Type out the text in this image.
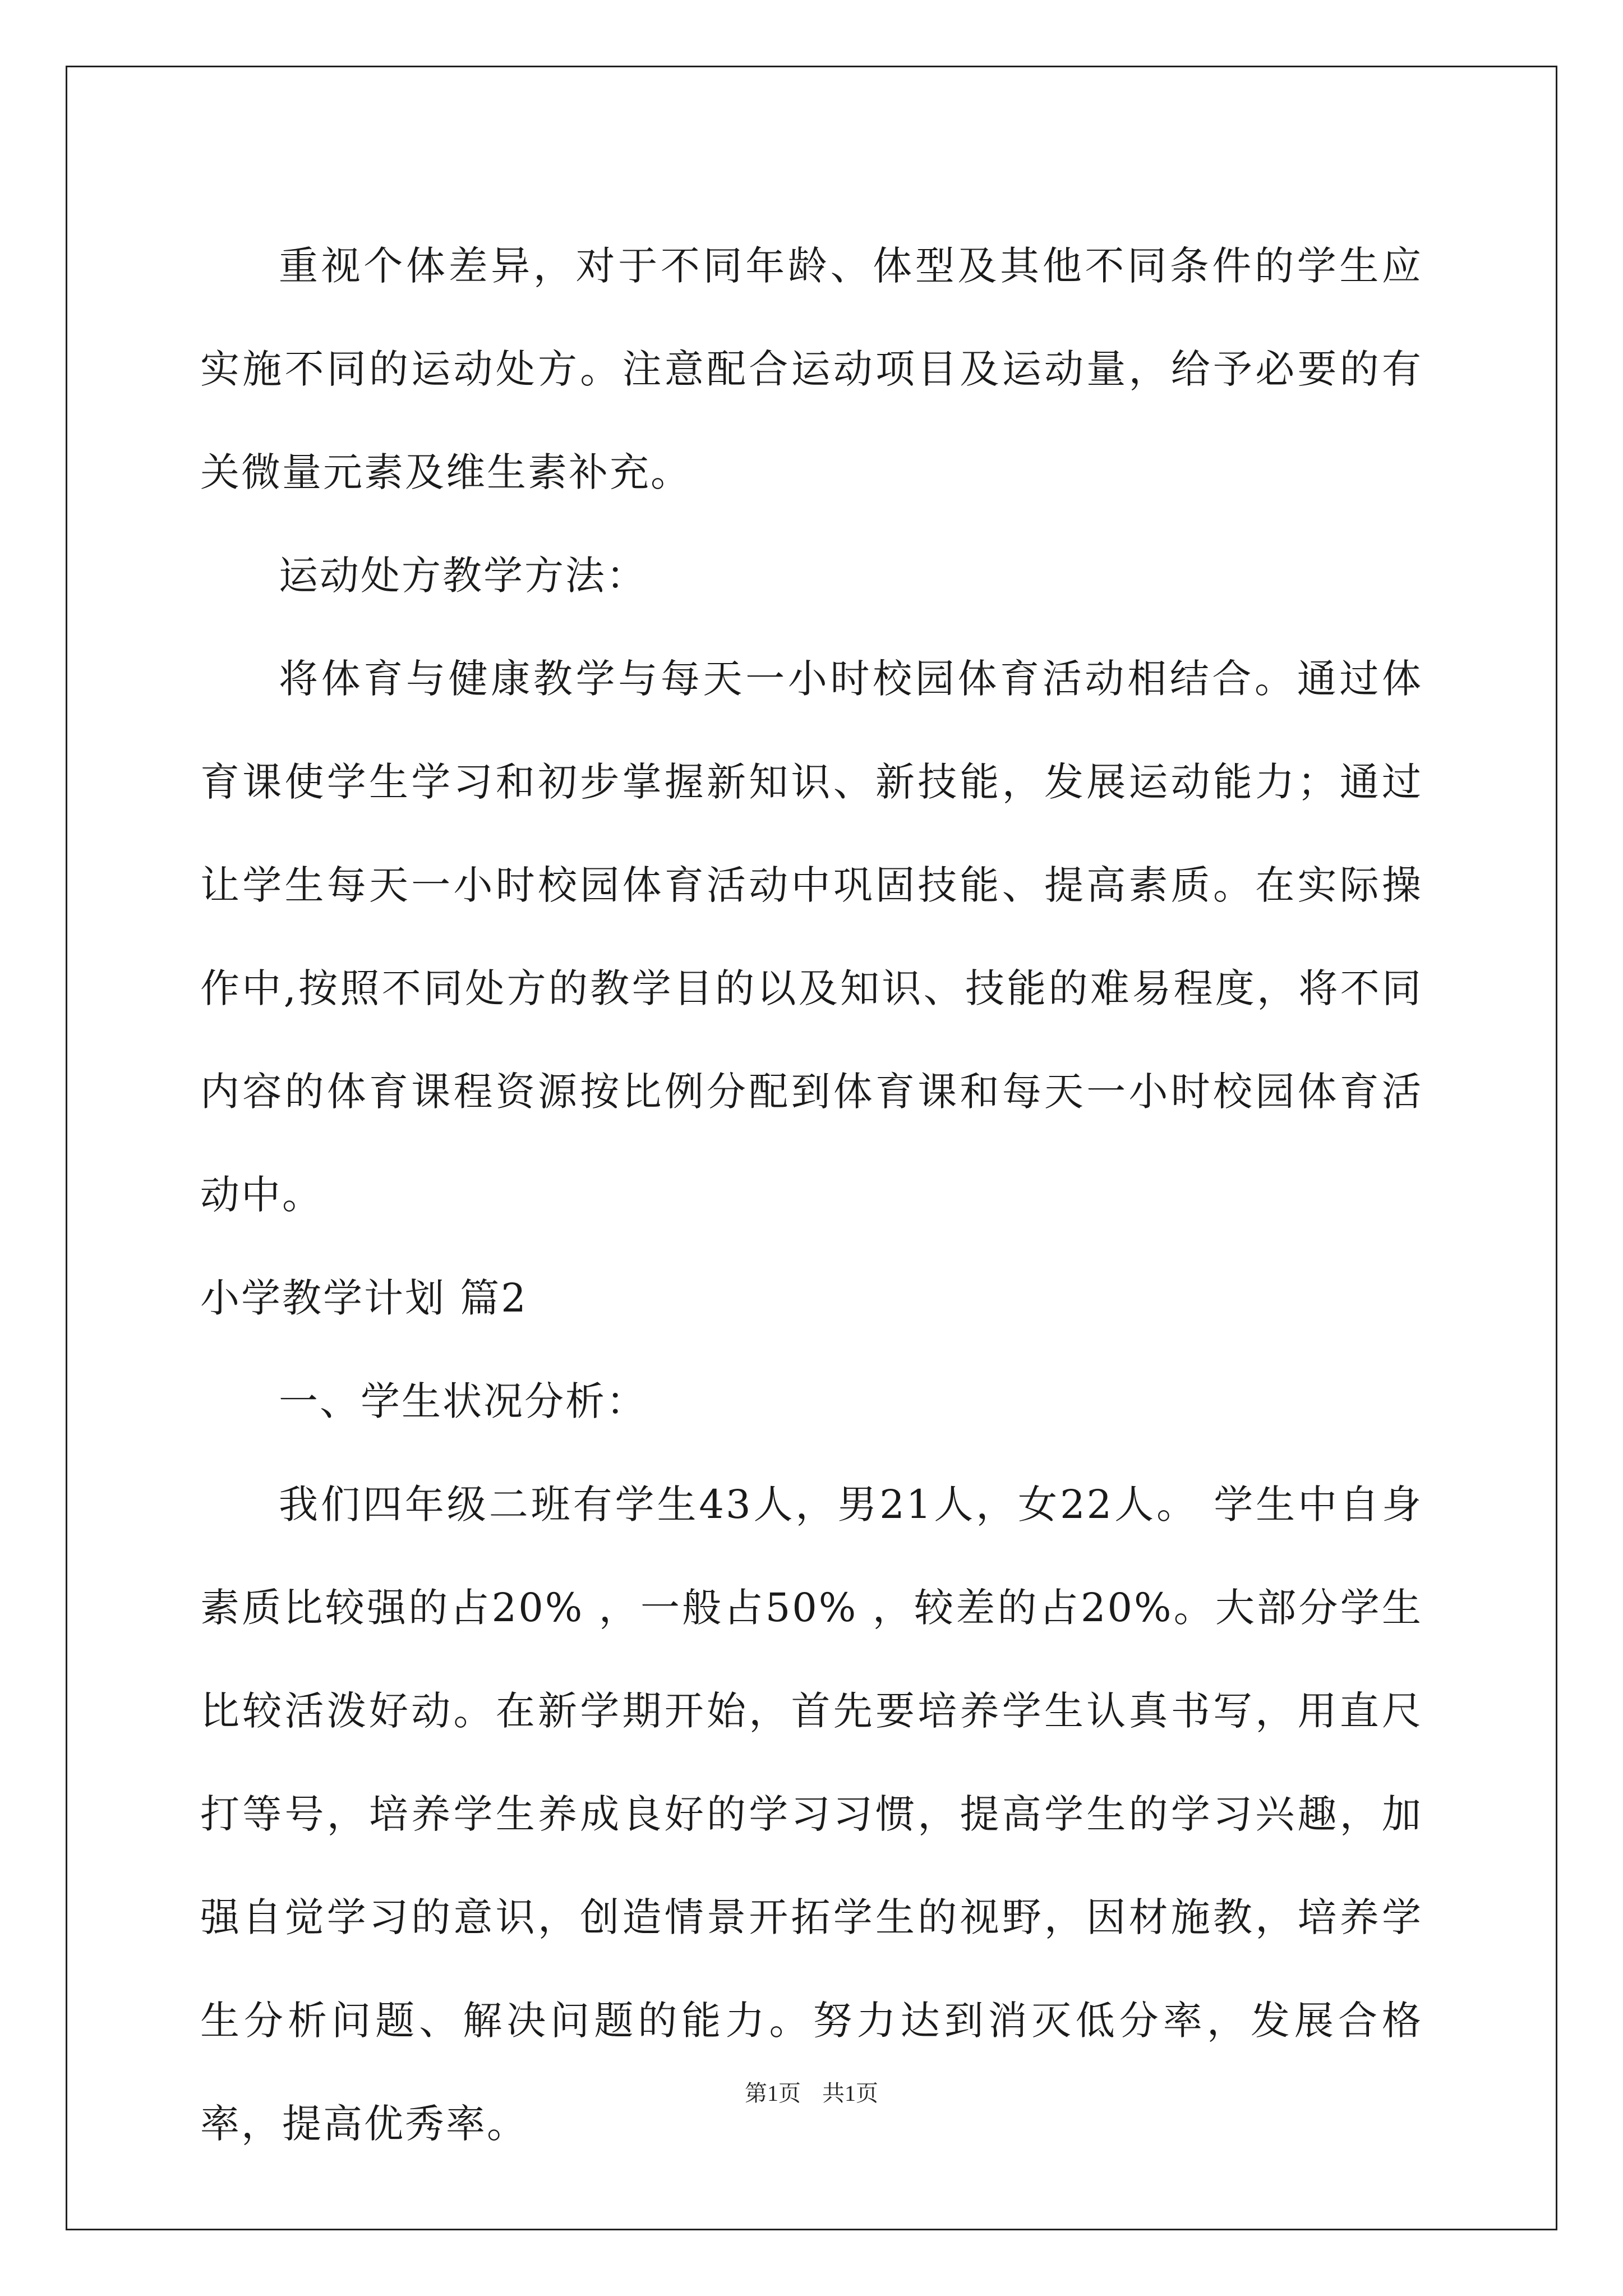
重视个体差异，对于不同年龄、体型及其他不同条件的学生应实施不同的运动处方。注意配合运动项目及运动量，给予必要的有关微量元素及维生素补充。

运动处方教学方法：

将体育与健康教学与每天一小时校园体育活动相结合。通过体育课使学生学习和初步掌握新知识、新技能，发展运动能力；通过让学生每天一小时校园体育活动中巩固技能、提高素质。在实际操作中,按照不同处方的教学目的以及知识、技能的难易程度，将不同内容的体育课程资源按比例分配到体育课和每天一小时校园体育活动中。

小学教学计划 篇2

一、学生状况分析：

我们四年级二班有学生43人，男21人，女22人。 学生中自身素质比较强的占20% ，一般占50% ，较差的占20%。大部分学生比较活泼好动。在新学期开始，首先要培养学生认真书写，用直尺打等号，培养学生养成良好的学习习惯，提高学生的学习兴趣，加强自觉学习的意识，创造情景开拓学生的视野，因材施教，培养学生分析问题、解决问题的能力。努力达到消灭低分率，发展合格率，提高优秀率。

第1页 共1页
